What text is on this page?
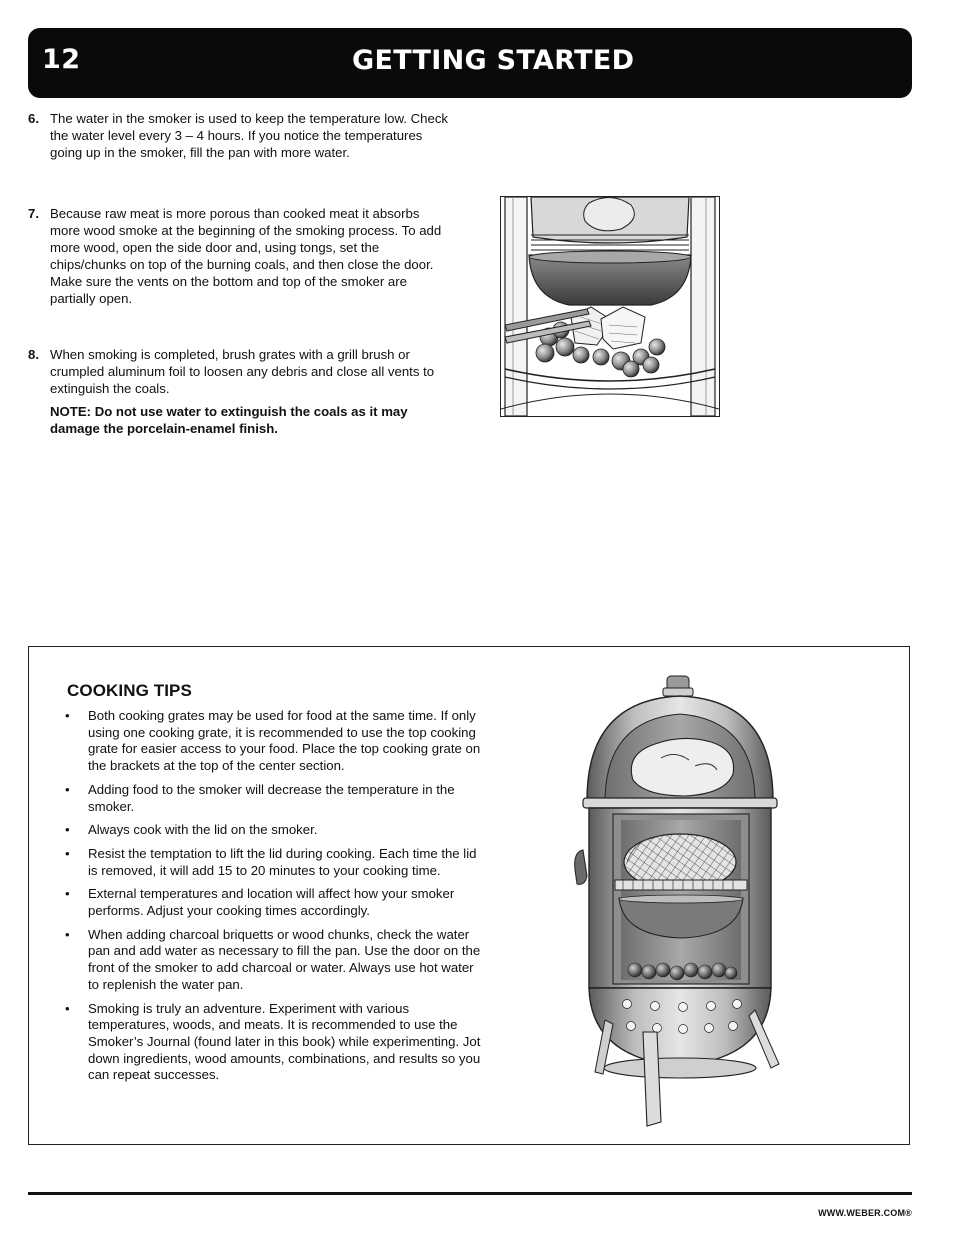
12	GETTING STARTED
6. The water in the smoker is used to keep the temperature low. Check the water level every 3 – 4 hours. If you notice the temperatures going up in the smoker, fill the pan with more water.
7. Because raw meat is more porous than cooked meat it absorbs more wood smoke at the beginning of the smoking process. To add more wood, open the side door and, using tongs, set the chips/chunks on top of the burning coals, and then close the door. Make sure the vents on the bottom and top of the smoker are partially open.
8. When smoking is completed, brush grates with a grill brush or crumpled aluminum foil to loosen any debris and close all vents to extinguish the coals.
NOTE: Do not use water to extinguish the coals as it may damage the porcelain-enamel finish.
COOKING TIPS
• Both cooking grates may be used for food at the same time. If only using one cooking grate, it is recommended to use the top cooking grate for easier access to your food. Place the top cooking grate on the brackets at the top of the center section.
• Adding food to the smoker will decrease the temperature in the smoker.
• Always cook with the lid on the smoker.
• Resist the temptation to lift the lid during cooking. Each time the lid is removed, it will add 15 to 20 minutes to your cooking time.
• External temperatures and location will affect how your smoker performs. Adjust your cooking times accordingly.
• When adding charcoal briquetts or wood chunks, check the water pan and add water as necessary to fill the pan. Use the door on the front of the smoker to add charcoal or water. Always use hot water to replenish the water pan.
• Smoking is truly an adventure. Experiment with various temperatures, woods, and meats. It is recommended to use the Smoker’s Journal (found later in this book) while experimenting. Jot down ingredients, wood amounts, combinations, and results so you can repeat successes.
WWW.WEBER.COM®
